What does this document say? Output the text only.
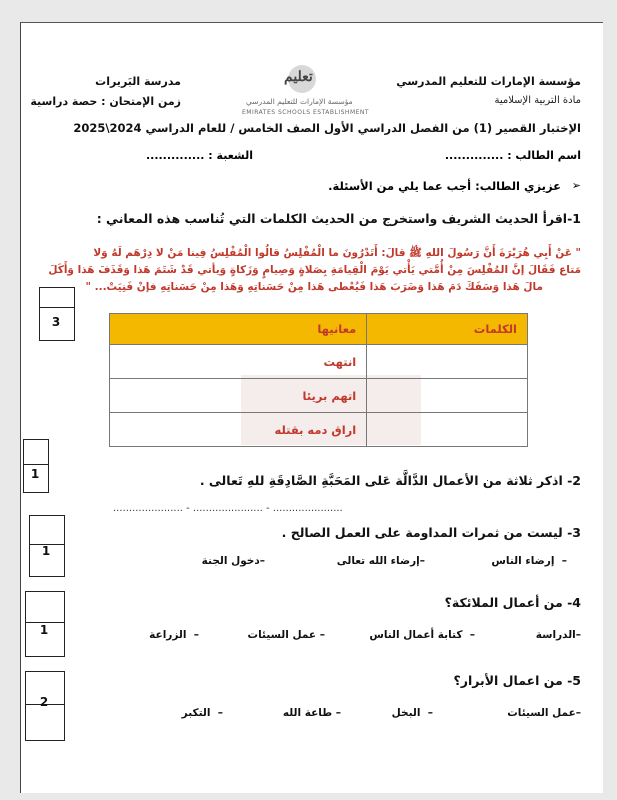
مؤسسة الإمارات للتعليم المدرسي
مادة التربية الإسلامية
مدرسة البَريرات
زمن الإمتحان : حصة دراسية
تعليم
مؤسسة الإمارات للتعليم المدرسي
EMIRATES SCHOOLS ESTABLISHMENT
الإختبار القصير (1) من الفصل الدراسي الأول الصف الخامس / للعام الدراسي 2024\2025
اسم الطالب : ..............
الشعبة : ..............
➢
عزيزي الطالب: أجب عما يلي من الأسئلة.
1-اقرأ الحديث الشريف واستخرج من الحديث الكلمات التي تُناسب هذه المعاني :
" عَنْ أَبِي هُرَيْرَةَ أَنَّ رَسُولَ اللهِ ﷺ قالَ: أَتَدْرُونَ ما الْمُفْلِسُ قالُوا الْمُفْلِسُ فِينا مَنْ لا دِرْهَم لَهُ وَلا
مَتاع فَقَالَ إنَّ المُفْلِسَ مِنْ أُمَّتي يَأْتي يَوْمَ الْقِيامَةِ بِصَلاةٍ وَصِيامٍ وَزَكاةٍ وَيأتي قَدْ شَتَمَ هَذا وَقَذَفَ هَذا وَأَكَلَ
مالَ هَذا وَسَفَكَ دَمَ هَذا وَضَرَبَ هَذا فَيُعْطى هَذا مِنْ حَسَناتِهِ وَهَذا مِنْ حَسَناتِهِ فإنْ فَنِيَتْ... "
3	الكلمات	معانيها
	انتهت
	اتهم بريئا
	اراق دمه بقتله
1	2- اذكر ثلاثة من الأعمال الدَّالَّة عَلى المَحَبَّةِ الصَّادِقَةِ للهِ تَعالى .
...................... - ...................... - ......................
1
3- ليست من ثمرات المداومة على العمل الصالح .
–  إرضاء الناس
–إرضاء الله تعالى
–دخول الجنة
1
4- من أعمال الملائكة؟
–الدراسة
–  كتابة أعمال الناس
– عمل السيئات
–  الزراعة
2
5- من اعمال الأبرار؟
–عمل السيئات
–  البخل
– طاعة الله
–  التكبر
